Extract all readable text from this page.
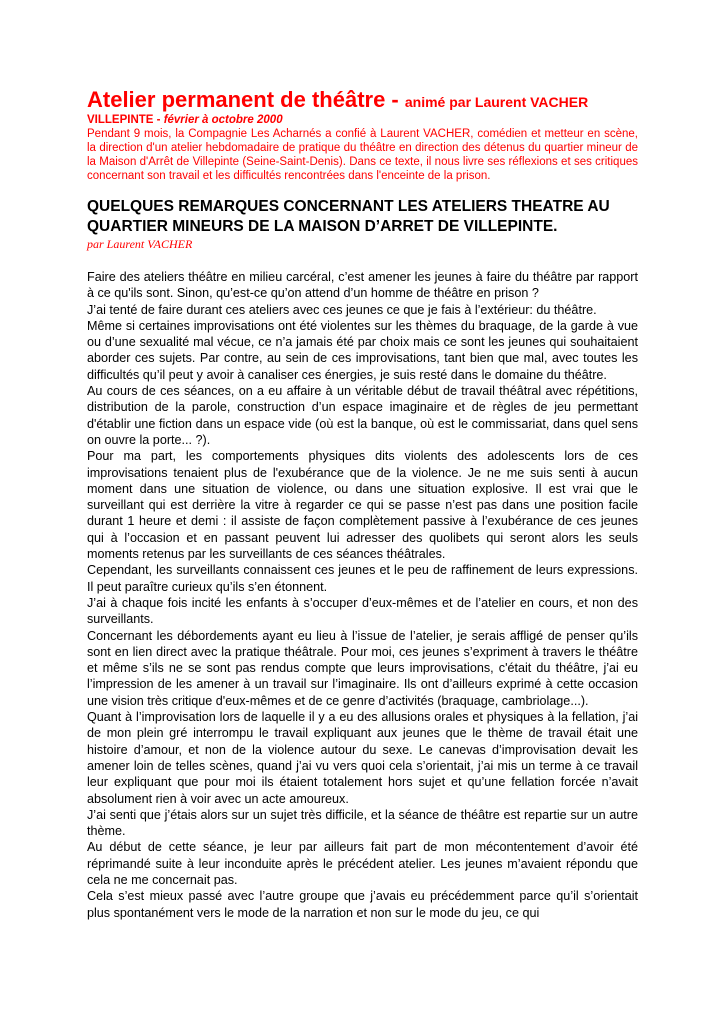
Atelier permanent de théâtre - animé par Laurent VACHER

VILLEPINTE - février à octobre 2000

Pendant 9 mois, la Compagnie Les Acharnés a confié à Laurent VACHER, comédien et metteur en scène, la direction d'un atelier hebdomadaire de pratique du théâtre en direction des détenus du quartier mineur de la Maison d'Arrêt de Villepinte (Seine-Saint-Denis). Dans ce texte, il nous livre ses réflexions et ses critiques concernant son travail et les difficultés rencontrées dans l'enceinte de la prison.

QUELQUES REMARQUES CONCERNANT LES ATELIERS THEATRE AU QUARTIER MINEURS DE LA MAISON D’ARRET DE VILLEPINTE.

par Laurent VACHER

Faire des ateliers théâtre en milieu carcéral, c’est amener les jeunes à faire du théâtre par rapport à ce qu'ils sont. Sinon, qu’est-ce qu’on attend d’un homme de théâtre en prison ?

J’ai tenté de faire durant ces ateliers avec ces jeunes ce que je fais à l’extérieur: du théâtre.

Même si certaines improvisations ont été violentes sur les thèmes du braquage, de la garde à vue ou d’une sexualité mal vécue, ce n’a jamais été par choix mais ce sont les jeunes qui souhaitaient aborder ces sujets. Par contre, au sein de ces improvisations, tant bien que mal, avec toutes les difficultés qu’il peut y avoir à canaliser ces énergies, je suis resté dans le domaine du théâtre.

Au cours de ces séances, on a eu affaire à un véritable début de travail théâtral avec répétitions, distribution de la parole, construction d’un espace imaginaire et de règles de jeu permettant d'établir une fiction dans un espace vide (où est la banque, où est le commissariat, dans quel sens on ouvre la porte... ?).

Pour ma part, les comportements physiques dits violents des adolescents lors de ces improvisations tenaient plus de l'exubérance que de la violence. Je ne me suis senti à aucun moment dans une situation de violence, ou dans une situation explosive. Il est vrai que le surveillant qui est derrière la vitre à regarder ce qui se passe n’est pas dans une position facile durant 1 heure et demi : il assiste de façon complètement passive à l’exubérance de ces jeunes qui à l’occasion et en passant peuvent lui adresser des quolibets qui seront alors les seuls moments retenus par les surveillants de ces séances théâtrales.

Cependant, les surveillants connaissent ces jeunes et le peu de raffinement de leurs expressions. Il peut paraître curieux qu’ils s’en étonnent.

J’ai à chaque fois incité les enfants à s’occuper d’eux-mêmes et de l’atelier en cours, et non des surveillants.

Concernant les débordements ayant eu lieu à l’issue de l’atelier, je serais affligé de penser qu’ils sont en lien direct avec la pratique théâtrale. Pour moi, ces jeunes s’expriment à travers le théâtre et même s’ils ne se sont pas rendus compte que leurs improvisations, c'était du théâtre, j’ai eu l’impression de les amener à un travail sur l’imaginaire. Ils ont d’ailleurs exprimé à cette occasion une vision très critique d'eux-mêmes et de ce genre d’activités (braquage, cambriolage...).

Quant à l’improvisation lors de laquelle il y a eu des allusions orales et physiques à la fellation, j’ai de mon plein gré interrompu le travail expliquant aux jeunes que le thème de travail était une histoire d’amour, et non de la violence autour du sexe. Le canevas d’improvisation devait les amener loin de telles scènes, quand j’ai vu vers quoi cela s’orientait, j’ai mis un terme à ce travail leur expliquant que pour moi ils étaient totalement hors sujet et qu’une fellation forcée n’avait absolument rien à voir avec un acte amoureux.

J’ai senti que j’étais alors sur un sujet très difficile, et la séance de théâtre est repartie sur un autre thème.

Au début de cette séance, je leur par ailleurs fait part de mon mécontentement d’avoir été réprimandé suite à leur inconduite après le précédent atelier. Les jeunes m’avaient répondu que cela ne me concernait pas.

Cela s’est mieux passé avec l’autre groupe que j’avais eu précédemment parce qu’il s’orientait plus spontanément vers le mode de la narration et non sur le mode du jeu, ce qui
